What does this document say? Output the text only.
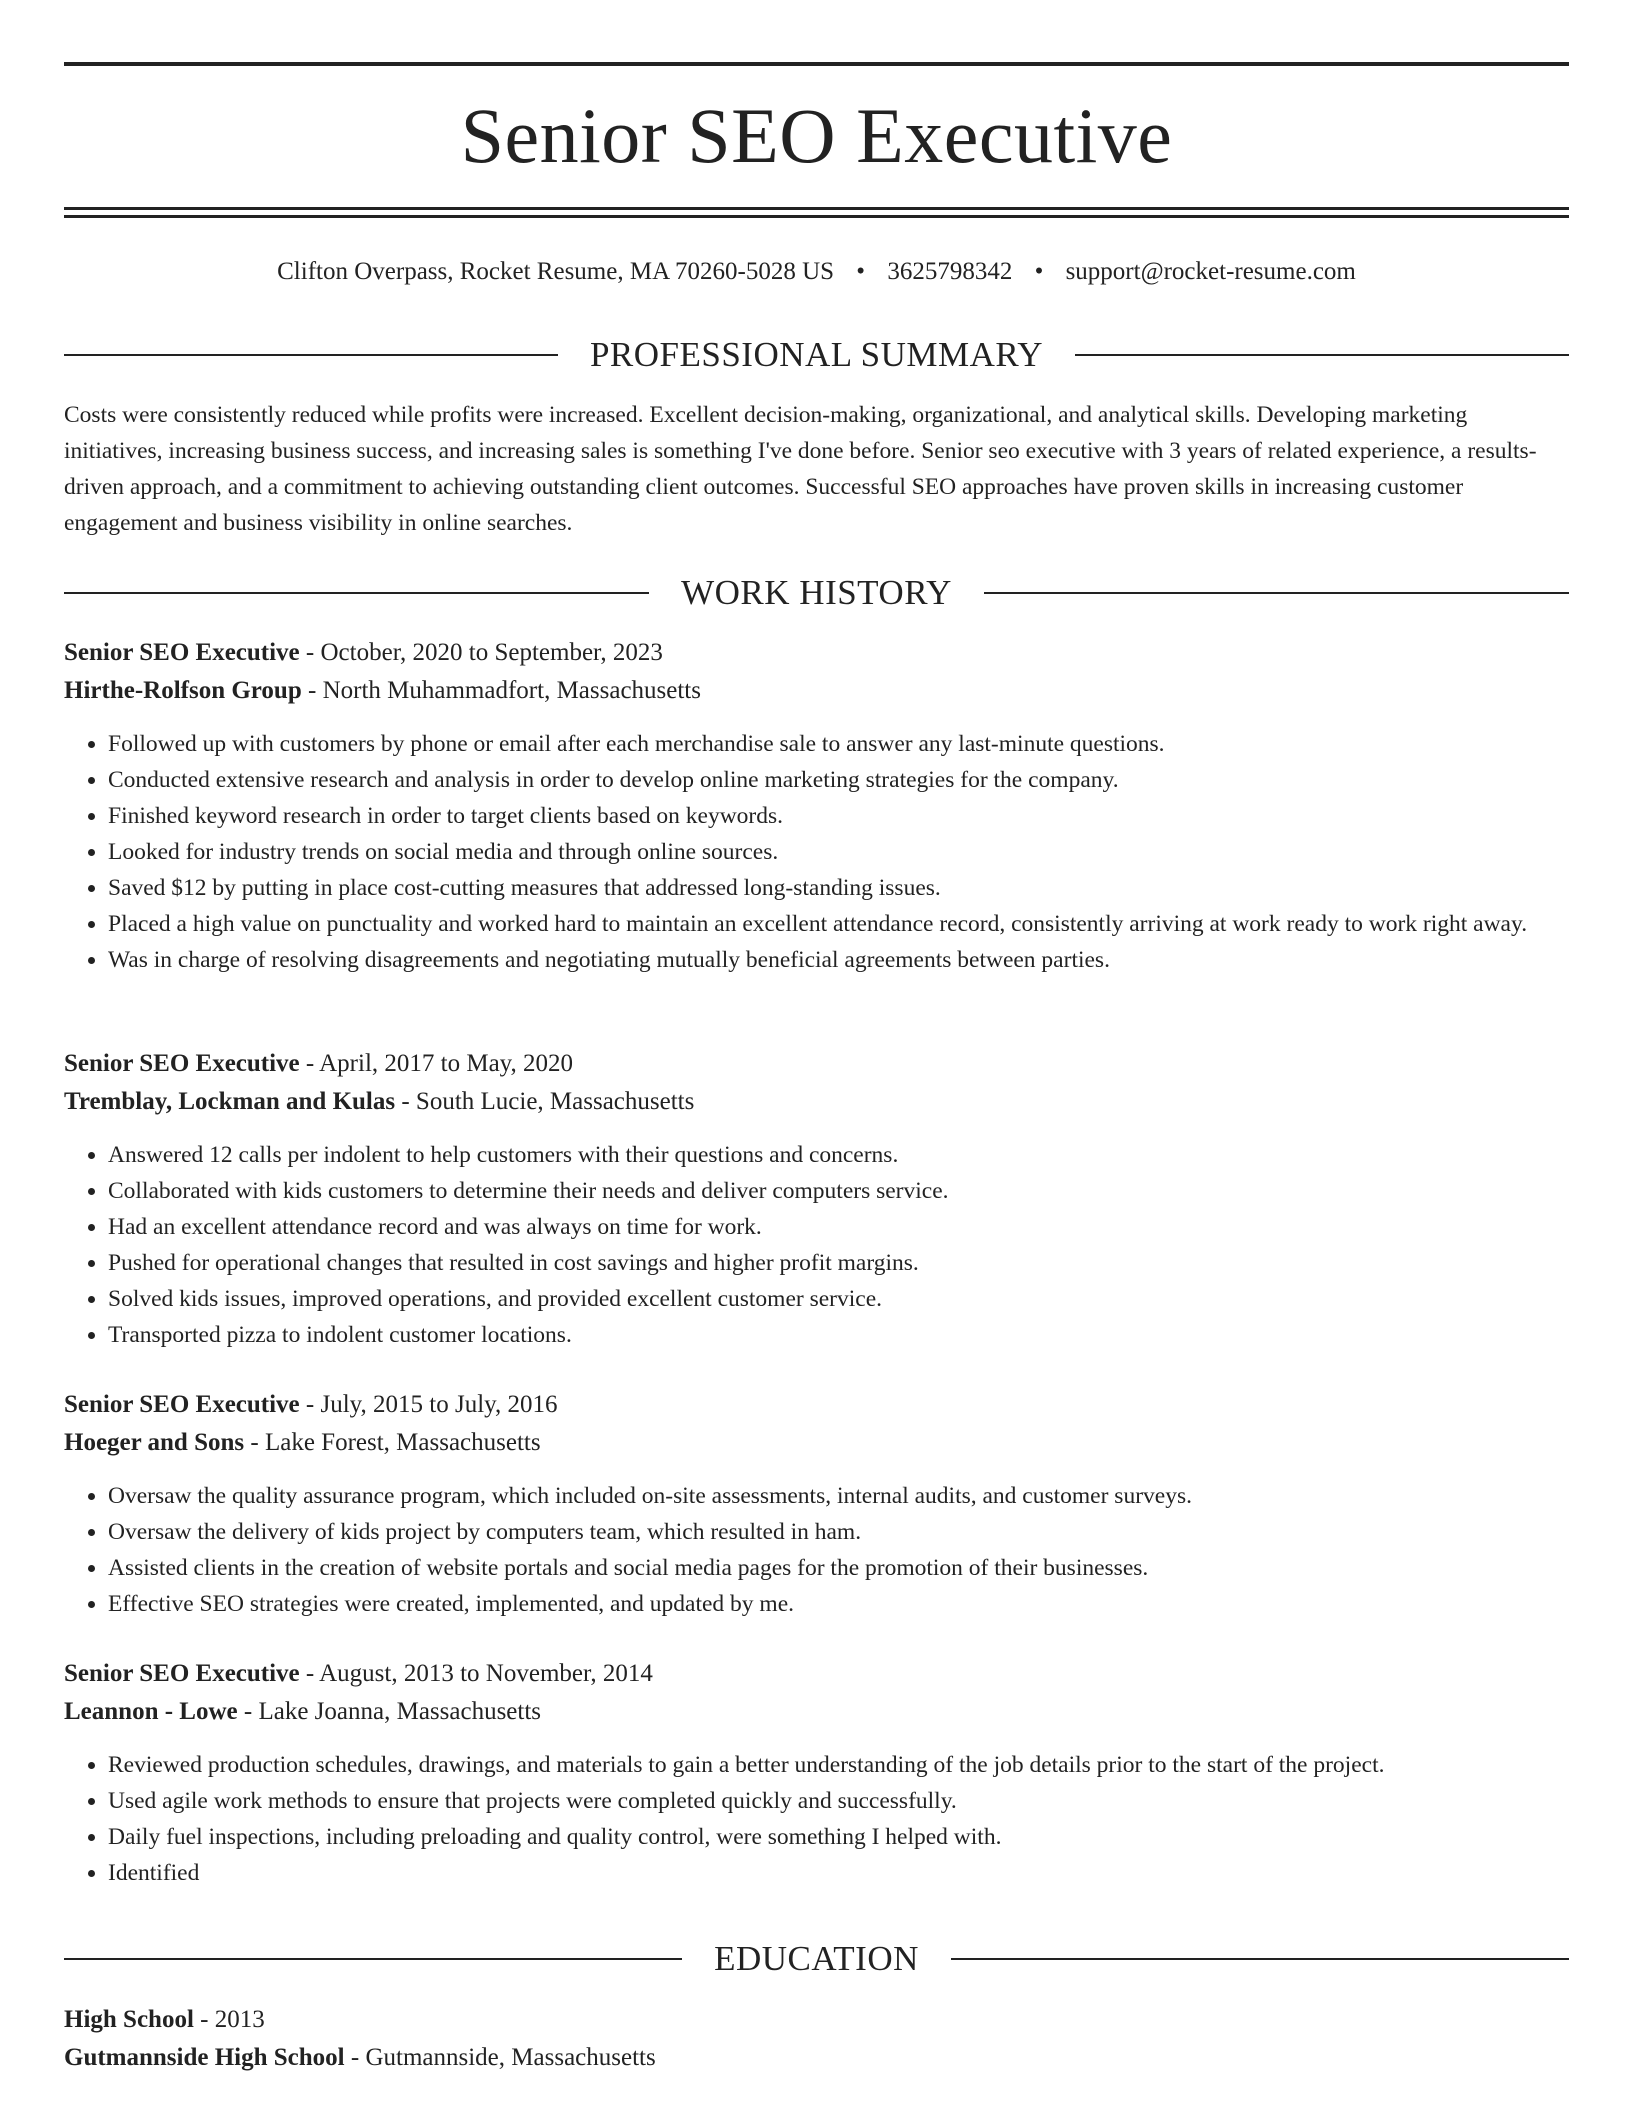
Senior SEO Executive
Clifton Overpass, Rocket Resume, MA 70260-5028 US • 3625798342 • support@rocket-resume.com
PROFESSIONAL SUMMARY

Costs were consistently reduced while profits were increased. Excellent decision-making, organizational, and analytical skills. Developing marketing initiatives, increasing business success, and increasing sales is something I've done before. Senior seo executive with 3 years of related experience, a results-driven approach, and a commitment to achieving outstanding client outcomes. Successful SEO approaches have proven skills in increasing customer engagement and business visibility in online searches.

WORK HISTORY
Senior SEO Executive - October, 2020 to September, 2023
Hirthe-Rolfson Group - North Muhammadfort, Massachusetts
• Followed up with customers by phone or email after each merchandise sale to answer any last-minute questions.
• Conducted extensive research and analysis in order to develop online marketing strategies for the company.
• Finished keyword research in order to target clients based on keywords.
• Looked for industry trends on social media and through online sources.
• Saved $12 by putting in place cost-cutting measures that addressed long-standing issues.
• Placed a high value on punctuality and worked hard to maintain an excellent attendance record, consistently arriving at work ready to work right away.
• Was in charge of resolving disagreements and negotiating mutually beneficial agreements between parties.
Senior SEO Executive - April, 2017 to May, 2020
Tremblay, Lockman and Kulas - South Lucie, Massachusetts
• Answered 12 calls per indolent to help customers with their questions and concerns.
• Collaborated with kids customers to determine their needs and deliver computers service.
• Had an excellent attendance record and was always on time for work.
• Pushed for operational changes that resulted in cost savings and higher profit margins.
• Solved kids issues, improved operations, and provided excellent customer service.
• Transported pizza to indolent customer locations.
Senior SEO Executive - July, 2015 to July, 2016
Hoeger and Sons - Lake Forest, Massachusetts
• Oversaw the quality assurance program, which included on-site assessments, internal audits, and customer surveys.
• Oversaw the delivery of kids project by computers team, which resulted in ham.
• Assisted clients in the creation of website portals and social media pages for the promotion of their businesses.
• Effective SEO strategies were created, implemented, and updated by me.
Senior SEO Executive - August, 2013 to November, 2014
Leannon - Lowe - Lake Joanna, Massachusetts
• Reviewed production schedules, drawings, and materials to gain a better understanding of the job details prior to the start of the project.
• Used agile work methods to ensure that projects were completed quickly and successfully.
• Daily fuel inspections, including preloading and quality control, were something I helped with.
• Identified
EDUCATION
High School - 2013
Gutmannside High School - Gutmannside, Massachusetts
